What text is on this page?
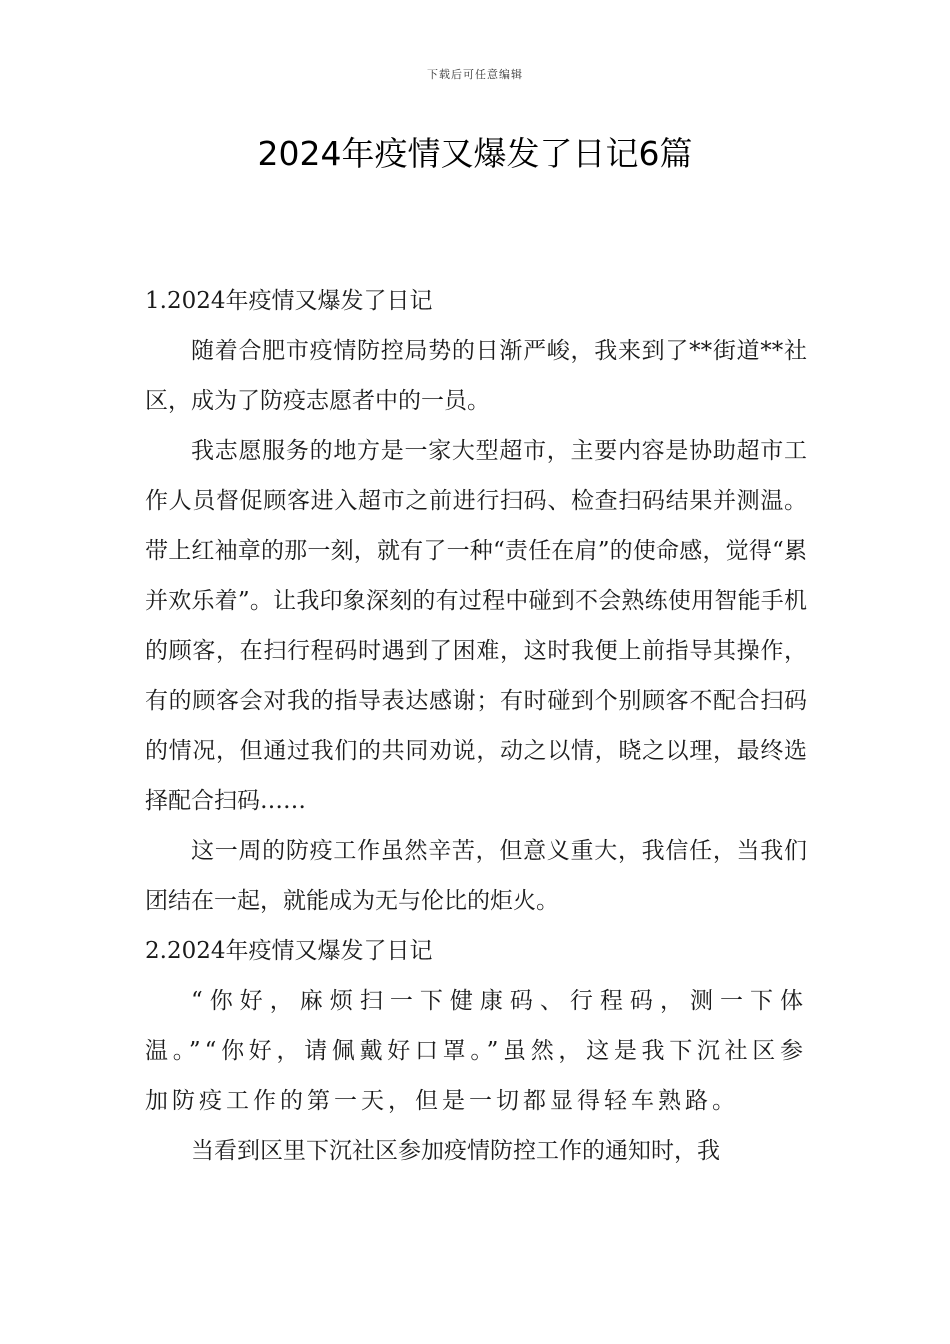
下载后可任意编辑
2024年疫情又爆发了日记6篇
1.2024年疫情又爆发了日记

随着合肥市疫情防控局势的日渐严峻，我来到了**街道**社区，成为了防疫志愿者中的一员。

我志愿服务的地方是一家大型超市，主要内容是协助超市工作人员督促顾客进入超市之前进行扫码、检查扫码结果并测温。带上红袖章的那一刻，就有了一种“责任在肩”的使命感，觉得“累并欢乐着”。让我印象深刻的有过程中碰到不会熟练使用智能手机的顾客，在扫行程码时遇到了困难，这时我便上前指导其操作，有的顾客会对我的指导表达感谢；有时碰到个别顾客不配合扫码的情况，但通过我们的共同劝说，动之以情，晓之以理，最终选择配合扫码……

这一周的防疫工作虽然辛苦，但意义重大，我信任，当我们团结在一起，就能成为无与伦比的炬火。

2.2024年疫情又爆发了日记

“你好，麻烦扫一下健康码、行程码，测一下体温。”“你好，请佩戴好口罩。”虽然，这是我下沉社区参加防疫工作的第一天，但是一切都显得轻车熟路。

当看到区里下沉社区参加疫情防控工作的通知时，我
